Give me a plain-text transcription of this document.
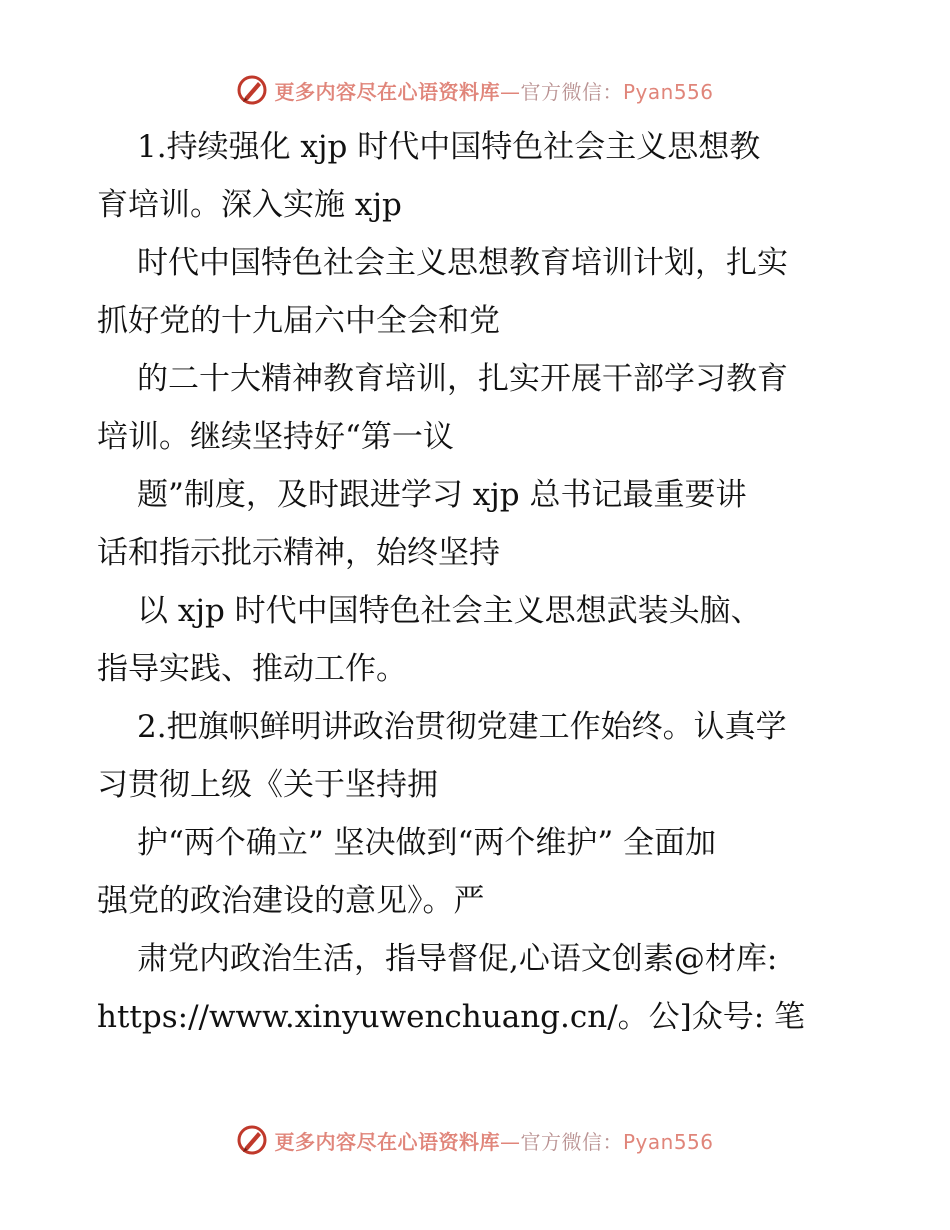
更多内容尽在心语资料库—官方微信：Pyan556
1.持续强化 xjp 时代中国特色社会主义思想教
育培训。深入实施 xjp
时代中国特色社会主义思想教育培训计划，扎实
抓好党的十九届六中全会和党
的二十大精神教育培训，扎实开展干部学习教育
培训。继续坚持好“第一议
题”制度，及时跟进学习 xjp 总书记最重要讲
话和指示批示精神，始终坚持
以 xjp 时代中国特色社会主义思想武装头脑、
指导实践、推动工作。
2.把旗帜鲜明讲政治贯彻党建工作始终。认真学
习贯彻上级《关于坚持拥
护“两个确立” 坚决做到“两个维护” 全面加
强党的政治建设的意见》。严
肃党内政治生活，指导督促,心语文创素@材库:
https://www.xinyuwenchuang.cn/。公]众号: 笔
更多内容尽在心语资料库—官方微信：Pyan556
